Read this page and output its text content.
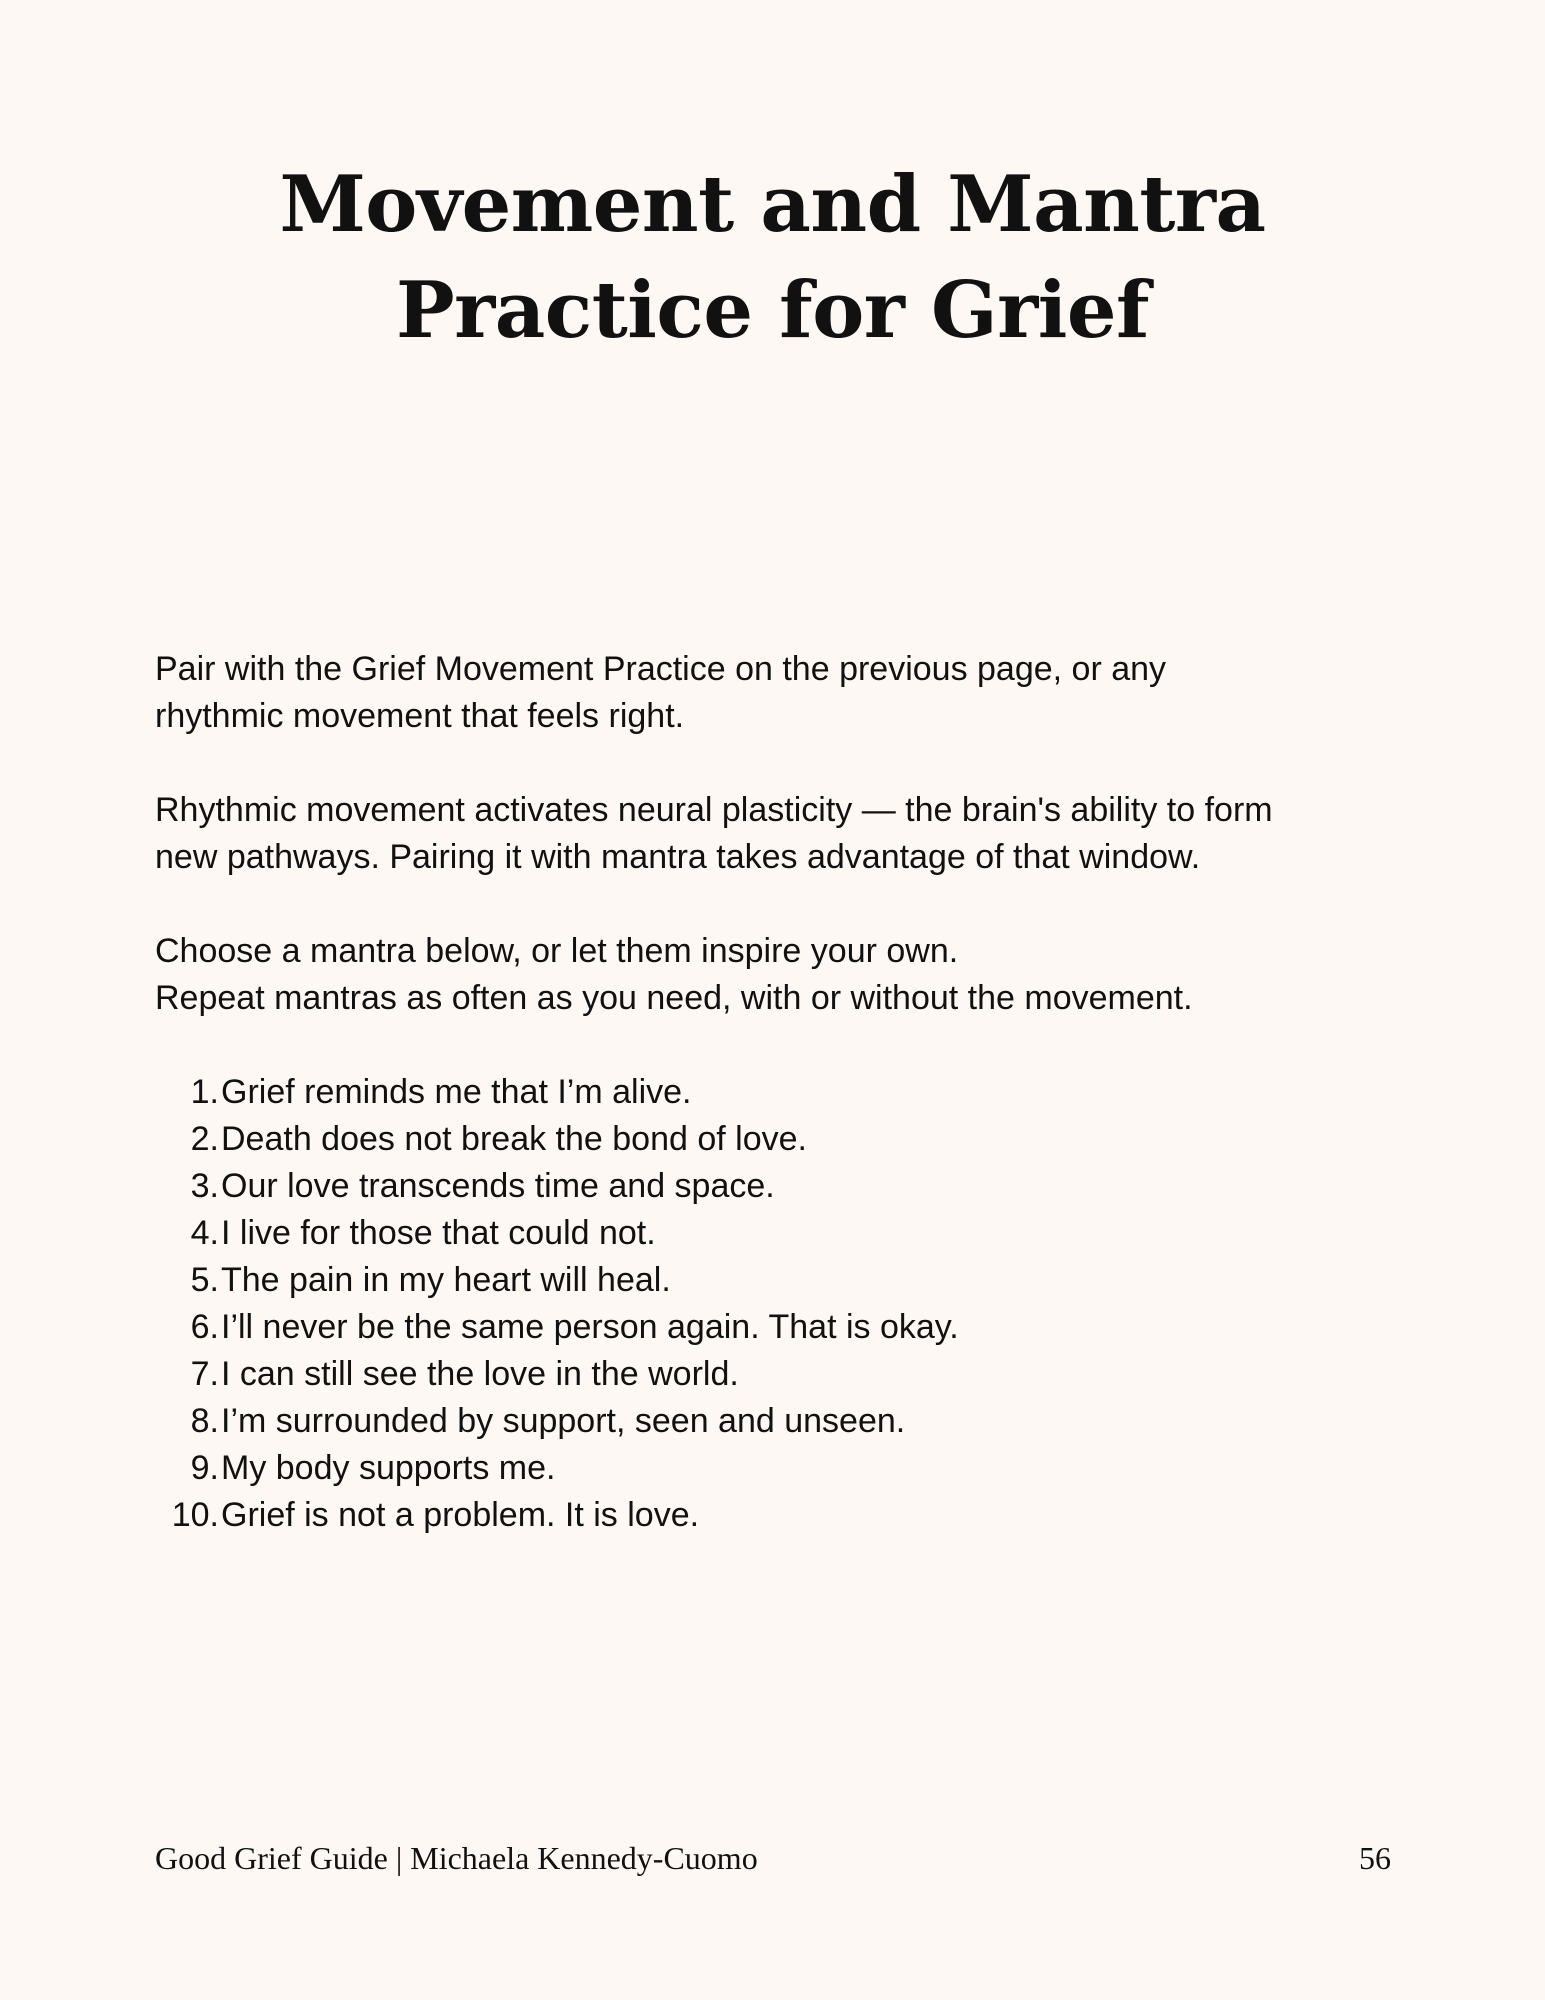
Movement and Mantra
Practice for Grief

Pair with the Grief Movement Practice on the previous page, or any
rhythmic movement that feels right.

Rhythmic movement activates neural plasticity — the brain's ability to form
new pathways. Pairing it with mantra takes advantage of that window.

Choose a mantra below, or let them inspire your own.
Repeat mantras as often as you need, with or without the movement.

1. Grief reminds me that I’m alive.
2. Death does not break the bond of love.
3. Our love transcends time and space.
4. I live for those that could not.
5. The pain in my heart will heal.
6. I’ll never be the same person again. That is okay.
7. I can still see the love in the world.
8. I’m surrounded by support, seen and unseen.
9. My body supports me.
10. Grief is not a problem. It is love.
Good Grief Guide | Michaela Kennedy-Cuomo	56
